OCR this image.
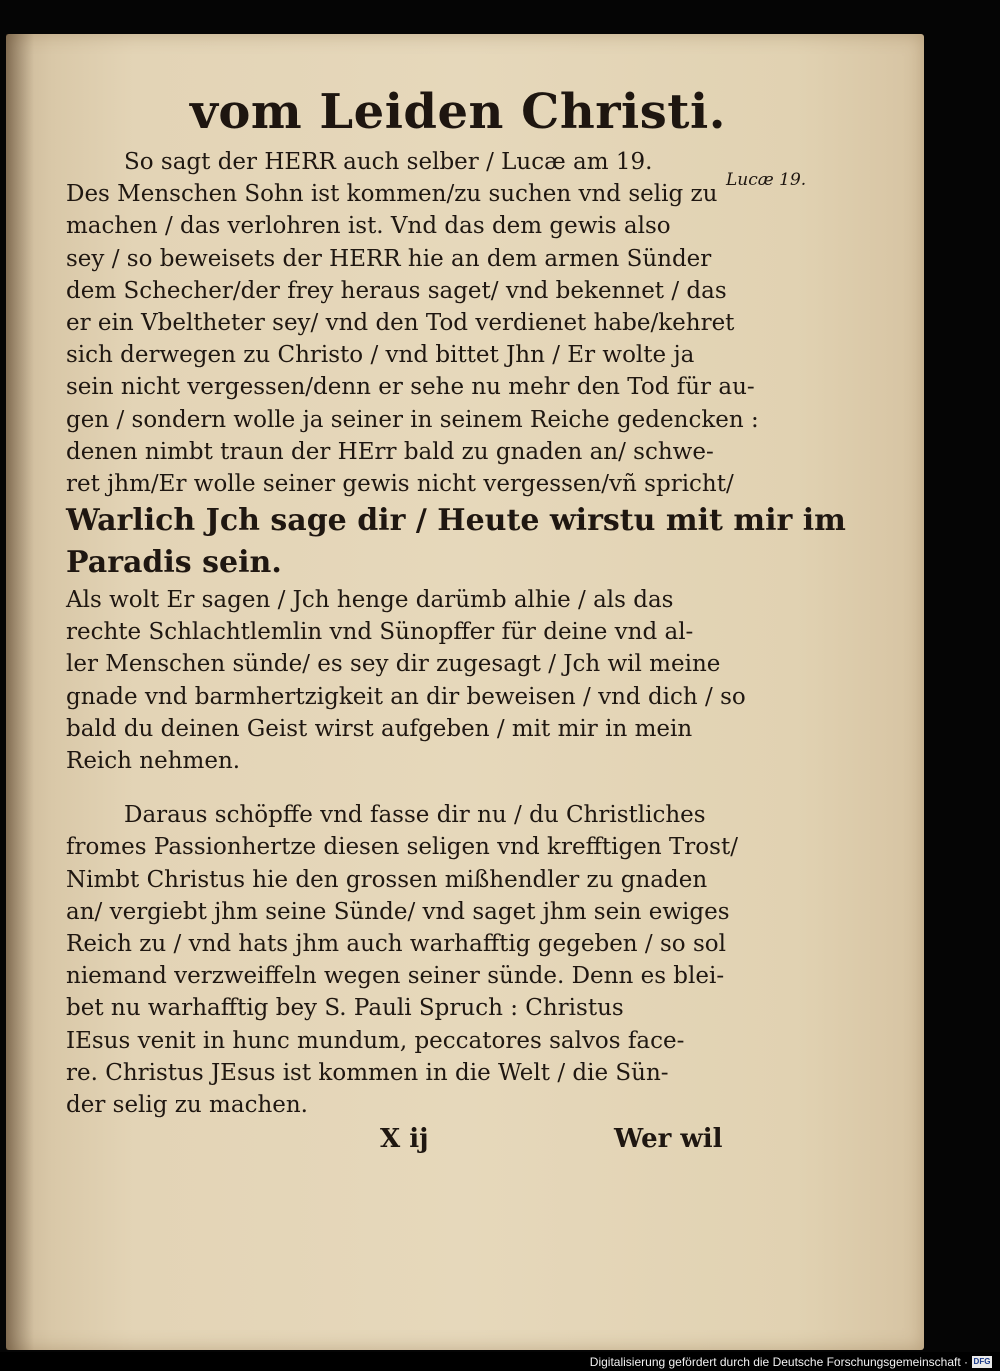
vom Leiden Christi.
Lucæ 19.
So sagt der HERR auch selber / Lucæ am 19.
Des Menschen Sohn ist kommen/zu suchen vnd selig zu
machen / das verlohren ist. Vnd das dem gewis also
sey / so beweisets der HERR hie an dem armen Sünder
dem Schecher/der frey heraus saget/ vnd bekennet / das
er ein Vbeltheter sey/ vnd den Tod verdienet habe/kehret
sich derwegen zu Christo / vnd bittet Jhn / Er wolte ja
sein nicht vergessen/denn er sehe nu mehr den Tod für au-
gen / sondern wolle ja seiner in seinem Reiche gedencken :
denen nimbt traun der HErr bald zu gnaden an/ schwe-
ret jhm/Er wolle seiner gewis nicht vergessen/vñ spricht/
Warlich Jch sage dir / Heute wirstu mit mir im
Paradis sein.
Als wolt Er sagen / Jch henge darümb alhie / als das
rechte Schlachtlemlin vnd Sünopffer für deine vnd al-
ler Menschen sünde/ es sey dir zugesagt / Jch wil meine
gnade vnd barmhertzigkeit an dir beweisen / vnd dich / so
bald du deinen Geist wirst aufgeben / mit mir in mein
Reich nehmen.
Daraus schöpffe vnd fasse dir nu / du Christliches
fromes Passionhertze diesen seligen vnd krefftigen Trost/
Nimbt Christus hie den grossen mißhendler zu gnaden
an/ vergiebt jhm seine Sünde/ vnd saget jhm sein ewiges
Reich zu / vnd hats jhm auch warhafftig gegeben / so sol
niemand verzweiffeln wegen seiner sünde. Denn es blei-
bet nu warhafftig bey S. Pauli Spruch : Christus
IEsus venit in hunc mundum, peccatores salvos face-
re. Christus JEsus ist kommen in die Welt / die Sün-
der selig zu machen.
X ij	Wer wil
Digitalisierung gefördert durch die Deutsche Forschungsgemeinschaft · DFG
